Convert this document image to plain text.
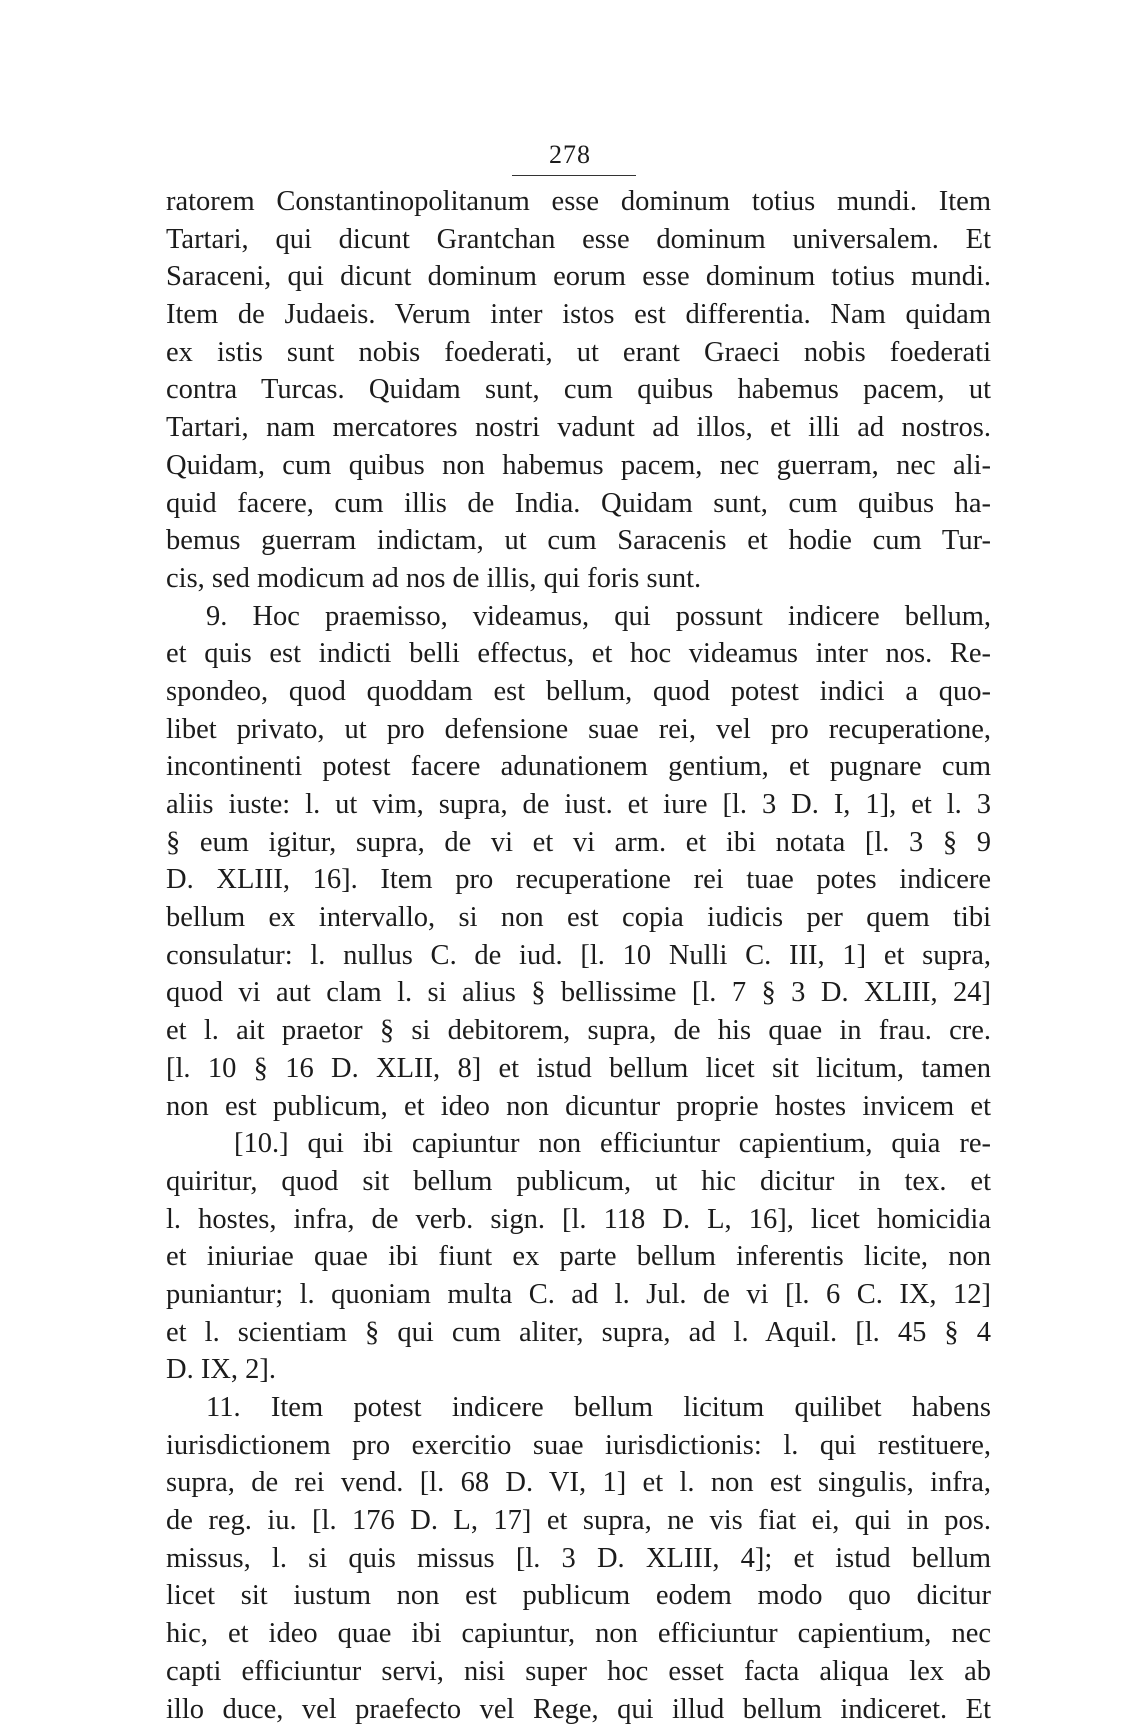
278
ratorem Constantinopolitanum esse dominum totius mundi. Item
Tartari, qui dicunt Grantchan esse dominum universalem. Et
Saraceni, qui dicunt dominum eorum esse dominum totius mundi.
Item de Judaeis. Verum inter istos est differentia. Nam quidam
ex istis sunt nobis foederati, ut erant Graeci nobis foederati
contra Turcas. Quidam sunt, cum quibus habemus pacem, ut
Tartari, nam mercatores nostri vadunt ad illos, et illi ad nostros.
Quidam, cum quibus non habemus pacem, nec guerram, nec ali-
quid facere, cum illis de India. Quidam sunt, cum quibus ha-
bemus guerram indictam, ut cum Saracenis et hodie cum Tur-
cis, sed modicum ad nos de illis, qui foris sunt.
9. Hoc praemisso, videamus, qui possunt indicere bellum,
et quis est indicti belli effectus, et hoc videamus inter nos. Re-
spondeo, quod quoddam est bellum, quod potest indici a quo-
libet privato, ut pro defensione suae rei, vel pro recuperatione,
incontinenti potest facere adunationem gentium, et pugnare cum
aliis iuste: l. ut vim, supra, de iust. et iure [l. 3 D. I, 1], et l. 3
§ eum igitur, supra, de vi et vi arm. et ibi notata [l. 3 § 9
D. XLIII, 16]. Item pro recuperatione rei tuae potes indicere
bellum ex intervallo, si non est copia iudicis per quem tibi
consulatur: l. nullus C. de iud. [l. 10 Nulli C. III, 1] et supra,
quod vi aut clam l. si alius § bellissime [l. 7 § 3 D. XLIII, 24]
et l. ait praetor § si debitorem, supra, de his quae in frau. cre.
[l. 10 § 16 D. XLII, 8] et istud bellum licet sit licitum, tamen
non est publicum, et ideo non dicuntur proprie hostes invicem et
[10.] qui ibi capiuntur non efficiuntur capientium, quia re-
quiritur, quod sit bellum publicum, ut hic dicitur in tex. et
l. hostes, infra, de verb. sign. [l. 118 D. L, 16], licet homicidia
et iniuriae quae ibi fiunt ex parte bellum inferentis licite, non
puniantur; l. quoniam multa C. ad l. Jul. de vi [l. 6 C. IX, 12]
et l. scientiam § qui cum aliter, supra, ad l. Aquil. [l. 45 § 4
D. IX, 2].
11. Item potest indicere bellum licitum quilibet habens
iurisdictionem pro exercitio suae iurisdictionis: l. qui restituere,
supra, de rei vend. [l. 68 D. VI, 1] et l. non est singulis, infra,
de reg. iu. [l. 176 D. L, 17] et supra, ne vis fiat ei, qui in pos.
missus, l. si quis missus [l. 3 D. XLIII, 4]; et istud bellum
licet sit iustum non est publicum eodem modo quo dicitur
hic, et ideo quae ibi capiuntur, non efficiuntur capientium, nec
capti efficiuntur servi, nisi super hoc esset facta aliqua lex ab
illo duce, vel praefecto vel Rege, qui illud bellum indiceret. Et
